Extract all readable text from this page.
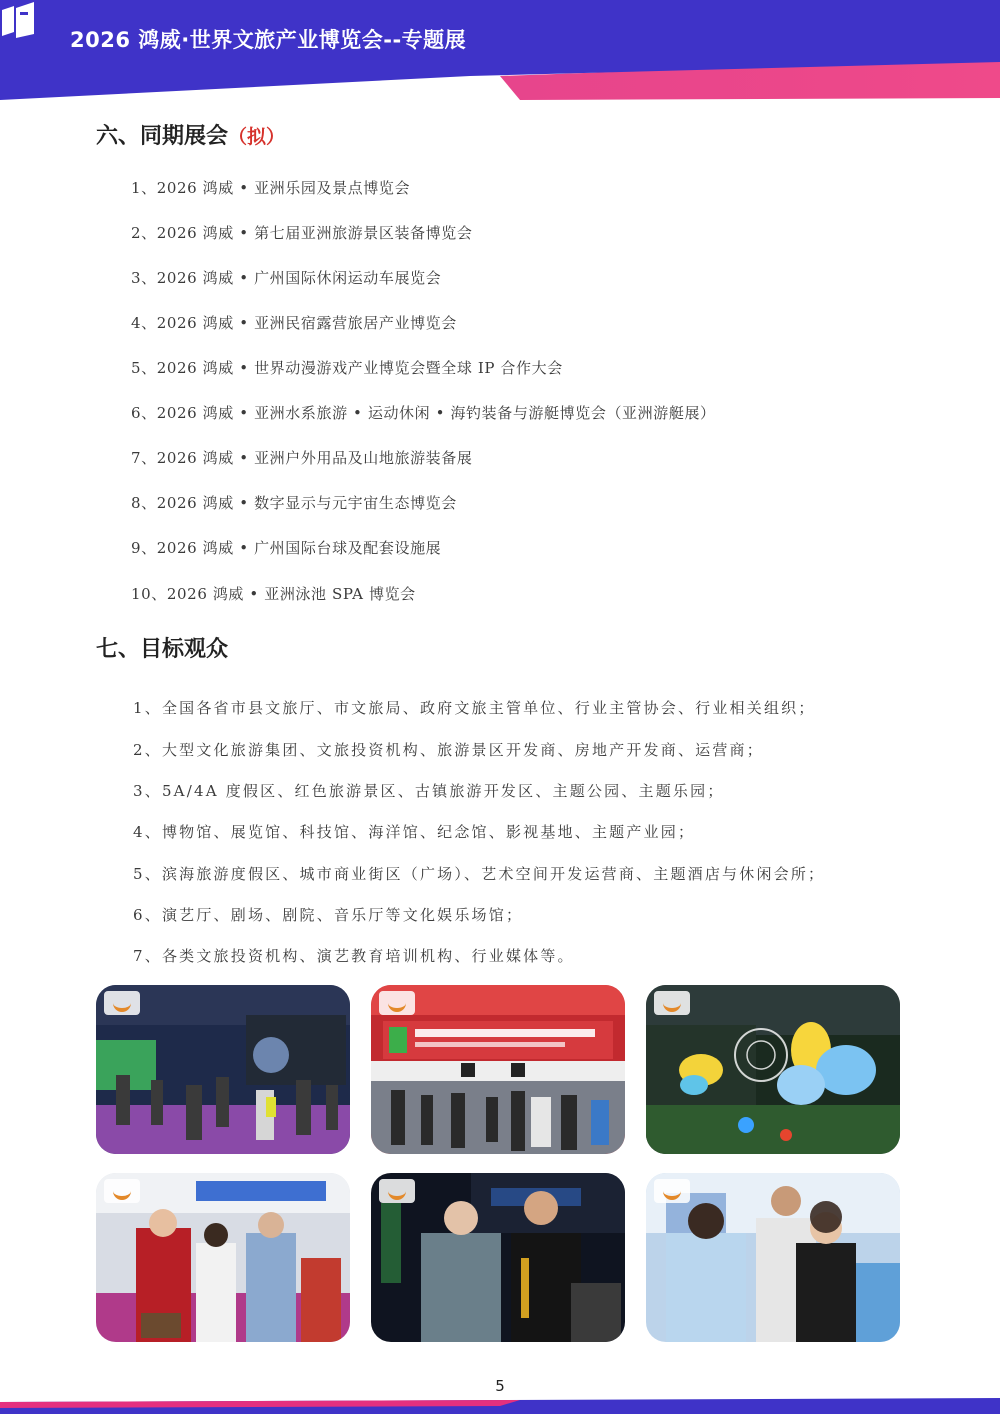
2026 鸿威·世界文旅产业博览会--专题展
六、同期展会（拟）
1、2026 鸿威 • 亚洲乐园及景点博览会
2、2026 鸿威 • 第七届亚洲旅游景区装备博览会
3、2026 鸿威 • 广州国际休闲运动车展览会
4、2026 鸿威 • 亚洲民宿露营旅居产业博览会
5、2026 鸿威 • 世界动漫游戏产业博览会暨全球 IP 合作大会
6、2026 鸿威 • 亚洲水系旅游 • 运动休闲 • 海钓装备与游艇博览会（亚洲游艇展）
7、2026 鸿威 • 亚洲户外用品及山地旅游装备展
8、2026 鸿威 • 数字显示与元宇宙生态博览会
9、2026 鸿威 • 广州国际台球及配套设施展
10、2026 鸿威 • 亚洲泳池 SPA 博览会
七、目标观众
1、全国各省市县文旅厅、市文旅局、政府文旅主管单位、行业主管协会、行业相关组织；
2、大型文化旅游集团、文旅投资机构、旅游景区开发商、房地产开发商、运营商；
3、5A/4A 度假区、红色旅游景区、古镇旅游开发区、主题公园、主题乐园；
4、博物馆、展览馆、科技馆、海洋馆、纪念馆、影视基地、主题产业园；
5、滨海旅游度假区、城市商业街区（广场）、艺术空间开发运营商、主题酒店与休闲会所；
6、演艺厅、剧场、剧院、音乐厅等文化娱乐场馆；
7、各类文旅投资机构、演艺教育培训机构、行业媒体等。
5
